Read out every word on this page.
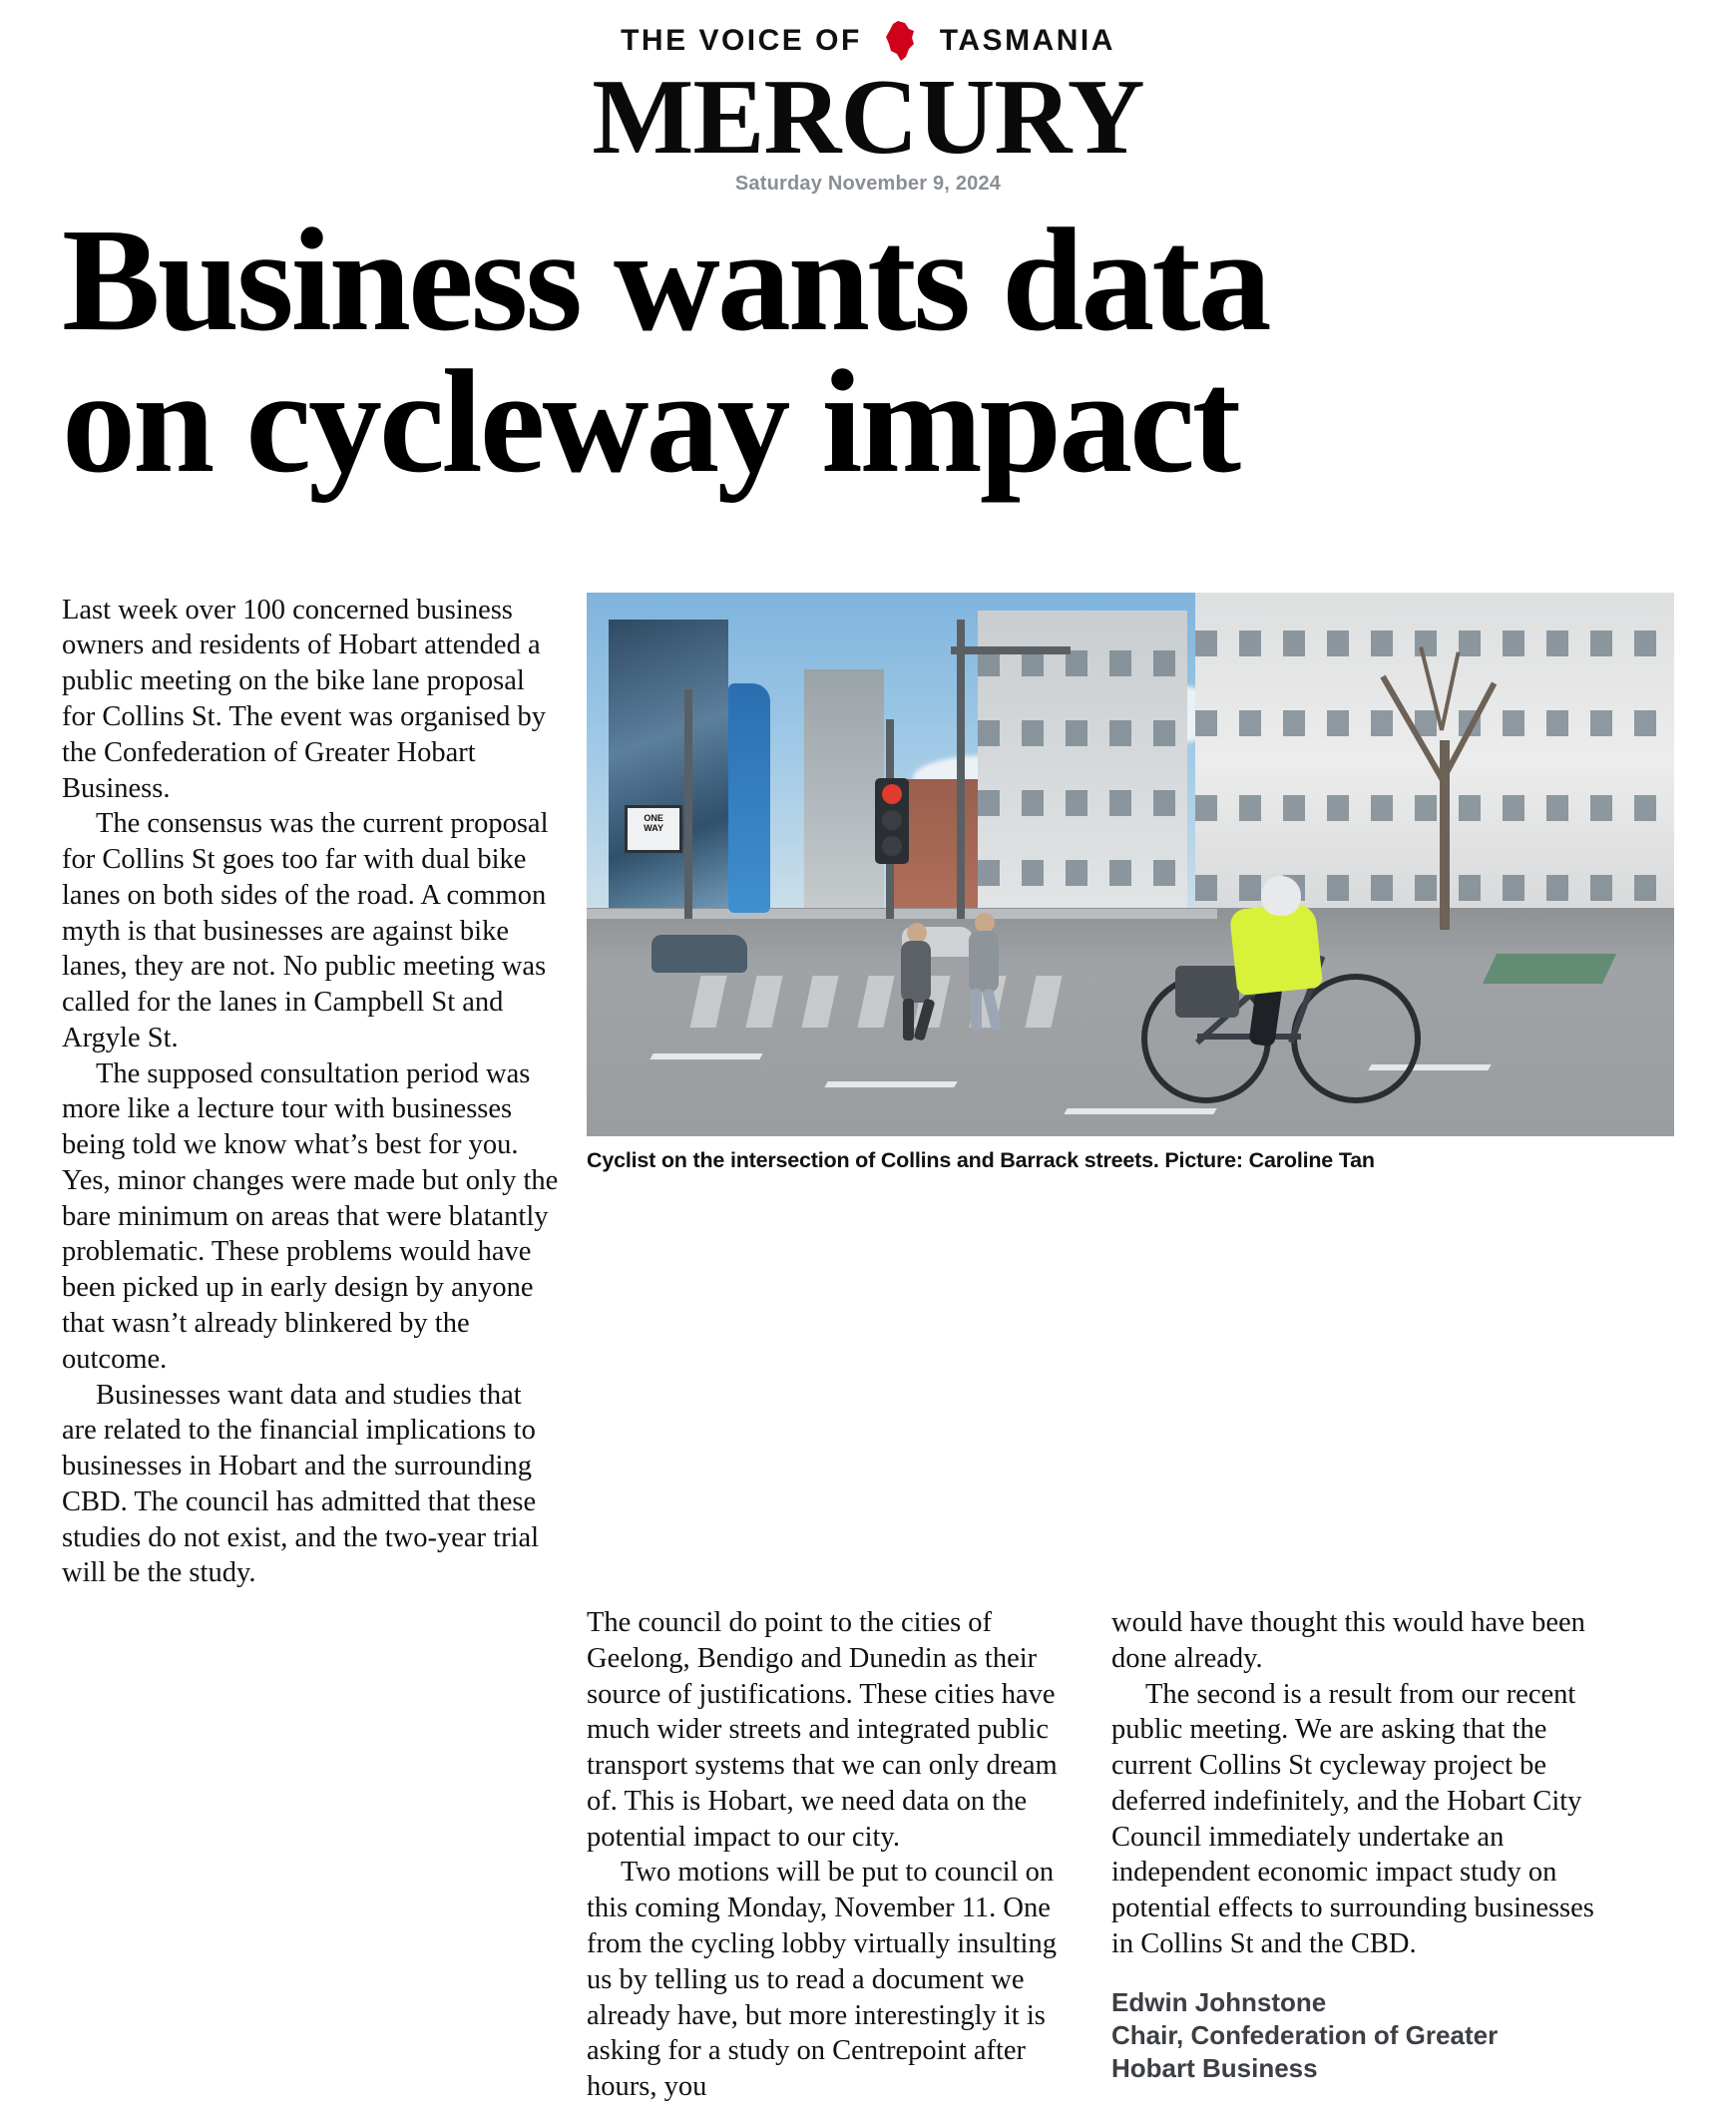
THE VOICE OF	TASMANIA
MERCURY
Saturday November 9, 2024
Business wants data
on cycleway impact

Last week over 100 concerned business owners and residents of Hobart attended a public meeting on the bike lane proposal for Collins St. The event was organised by the Confederation of Greater Hobart Business.

The consensus was the current proposal for Collins St goes too far with dual bike lanes on both sides of the road. A common myth is that businesses are against bike lanes, they are not. No public meeting was called for the lanes in Campbell St and Argyle St.

The supposed consultation period was more like a lecture tour with businesses being told we know what’s best for you. Yes, minor changes were made but only the bare minimum on areas that were blatantly problematic. These problems would have been picked up in early design by anyone that wasn’t already blinkered by the outcome.

Businesses want data and studies that are related to the financial implications to businesses in Hobart and the surrounding CBD. The council has admitted that these studies do not exist, and the two-year trial will be the study.

ONE
WAY
Cyclist on the intersection of Collins and Barrack streets. Picture: Caroline Tan

The council do point to the cities of Geelong, Bendigo and Dunedin as their source of justifications. These cities have much wider streets and integrated public transport systems that we can only dream of. This is Hobart, we need data on the potential impact to our city.

Two motions will be put to council on this coming Monday, November 11. One from the cycling lobby virtually insulting us by telling us to read a document we already have, but more interestingly it is asking for a study on Centrepoint after hours, you

would have thought this would have been done already.

The second is a result from our recent public meeting. We are asking that the current Collins St cycleway project be deferred indefinitely, and the Hobart City Council immediately undertake an independent economic impact study on potential effects to surrounding businesses in Collins St and the CBD.

Edwin Johnstone
Chair, Confederation of Greater
Hobart Business
